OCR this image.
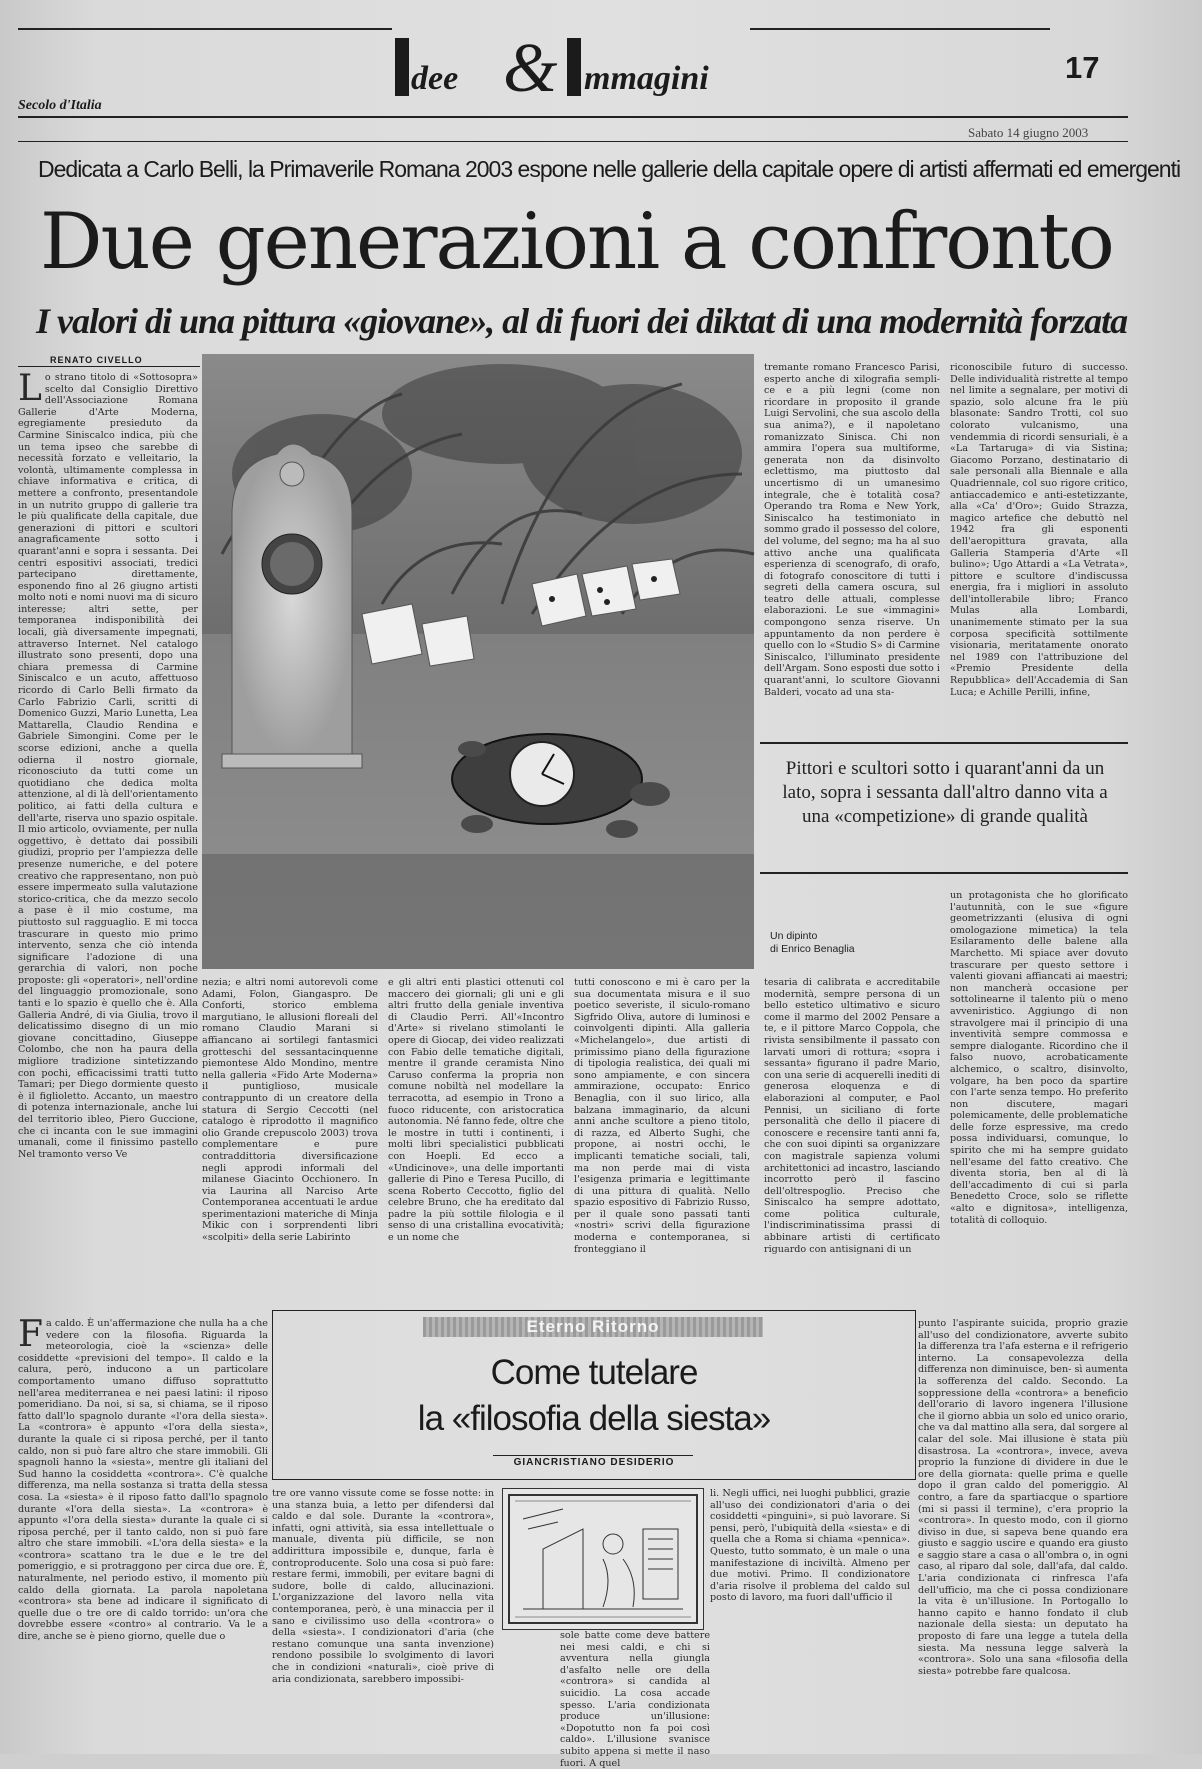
dee & mmagini	17
Secolo d'Italia
Sabato 14 giugno 2003
Dedicata a Carlo Belli, la Primaverile Romana 2003 espone nelle gallerie della capitale opere di artisti affermati ed emergenti
Due generazioni a confronto
I valori di una pittura «giovane», al di fuori dei diktat di una modernità forzata
RENATO CIVELLO

Lo strano titolo di «Sottosopra» scelto dal Consiglio Direttivo dell'Associazione Romana Gallerie d'Arte Moderna, egregiamente presieduto da Carmine Siniscalco indica, più che un tema ipseo che sarebbe di necessità forzato e velleitario, la volontà, ultimamente complessa in chiave informativa e critica, di mettere a confronto, presentandole in un nutrito gruppo di gallerie tra le più qualificate della capitale, due generazioni di pittori e scultori anagraficamente sotto i quarant'anni e sopra i sessanta. Dei centri espositivi associati, tredici partecipano direttamente, esponendo fino al 26 giugno artisti molto noti e nomi nuovi ma di sicuro interesse; altri sette, per temporanea indisponibilità dei locali, già diversamente impegnati, attraverso Internet. Nel catalogo illustrato sono presenti, dopo una chiara premessa di Carmine Siniscalco e un acuto, affettuoso ricordo di Carlo Belli firmato da Carlo Fabrizio Carli, scritti di Domenico Guzzi, Mario Lunetta, Lea Mattarella, Claudio Rendina e Gabriele Simongini. Come per le scorse edizioni, anche a quella odierna il nostro giornale, riconosciuto da tutti come un quotidiano che dedica molta attenzione, al di là dell'orientamento politico, ai fatti della cultura e dell'arte, riserva uno spazio ospitale. Il mio articolo, ovviamente, per nulla oggettivo, è dettato dai possibili giudizi, proprio per l'ampiezza delle presenze numeriche, e del potere creativo che rappresentano, non può essere impermeato sulla valutazione storico-critica, che da mezzo secolo a pase è il mio costume, ma piuttosto sul ragguaglio. E mi tocca trascurare in questo mio primo intervento, senza che ciò intenda significare l'adozione di una gerarchia di valori, non poche proposte: gli «operatori», nell'ordine del linguaggio promozionale, sono tanti e lo spazio è quello che è. Alla Galleria André, di via Giulia, trovo il delicatissimo disegno di un mio giovane concittadino, Giuseppe Colombo, che non ha paura della migliore tradizione sintetizzando con pochi, efficacissimi tratti tutto Tamari; per Diego dormiente questo è il figlioletto. Accanto, un maestro di potenza internazionale, anche lui del territorio ibleo, Piero Guccione, che ci incanta con le sue immagini umanali, come il finissimo pastello Nel tramonto verso Ve

nezia; e altri nomi autorevoli come Adami, Folon, Giangaspro. De Conforti, storico emblema margutiano, le allusioni floreali del romano Claudio Marani si affiancano ai sortilegi fantasmici grotteschi del sessantacinquenne piemontese Aldo Mondino, mentre nella galleria «Fido Arte Moderna» il puntiglioso, musicale contrappunto di un creatore della statura di Sergio Ceccotti (nel catalogo è riprodotto il magnifico olio Grande crepuscolo 2003) trova complementare e pure contraddittoria diversificazione negli approdi informali del milanese Giacinto Occhionero. In via Laurina all Narciso Arte Contemporanea accentuati le ardue sperimentazioni materiche di Minja Mikic con i sorprendenti libri «scolpiti» della serie Labirinto

e gli altri enti plastici ottenuti col maccero dei giornali; gli uni e gli altri frutto della geniale inventiva di Claudio Perri. All'«Incontro d'Arte» si rivelano stimolanti le opere di Giocap, dei video realizzati con Fabio delle tematiche digitali, mentre il grande ceramista Nino Caruso conferma la propria non comune nobiltà nel modellare la terracotta, ad esempio in Trono a fuoco riducente, con aristocratica autonomia. Né fanno fede, oltre che le mostre in tutti i continenti, i molti libri specialistici pubblicati con Hoepli. Ed ecco a «Undicinove», una delle importanti gallerie di Pino e Teresa Pucillo, di scena Roberto Ceccotto, figlio del celebre Bruno, che ha ereditato dal padre la più sottile filologia e il senso di una cristallina evocatività; e un nome che

tutti conoscono e mi è caro per la sua documentata misura e il suo poetico severiste, il siculo-romano Sigfrido Oliva, autore di luminosi e coinvolgenti dipinti. Alla galleria «Michelangelo», due artisti di primissimo piano della figurazione di tipologia realistica, dei quali mi sono ampiamente, e con sincera ammirazione, occupato: Enrico Benaglia, con il suo lirico, alla balzana immaginario, da alcuni anni anche scultore a pieno titolo, di razza, ed Alberto Sughi, che propone, ai nostri occhi, le implicanti tematiche sociali, tali, ma non perde mai di vista l'esigenza primaria e legittimante di una pittura di qualità. Nello spazio espositivo di Fabrizio Russo, per il quale sono passati tanti «nostri» scrivi della figurazione moderna e contemporanea, si fronteggiano il

tremante romano Francesco Parisi, esperto anche di xilografia sempli‑ ce e a più legni (come non ricordare in proposito il grande Luigi Servolini, che sua ascolo della sua anima?), e il napoletano romanizzato Sinisca. Chi non ammira l'opera sua multiforme, generata non da disinvolto eclettismo, ma piuttosto dal uncertismo di un umanesimo integrale, che è totalità cosa? Operando tra Roma e New York, Siniscalco ha testimoniato in sommo grado il possesso del colore, del volume, del segno; ma ha al suo attivo anche una qualificata esperienza di scenografo, di orafo, di fotografo conoscitore di tutti i segreti della camera oscura, sul teatro delle attuali, complesse elaborazioni. Le sue «immagini» compongono senza riserve. Un appuntamento da non perdere è quello con lo «Studio S» di Carmine Siniscalco, l'illuminato presidente dell'Argam. Sono esposti due sotto i quarant'anni, lo scultore Giovanni Balderi, vocato ad una sta-

riconoscibile futuro di successo. Delle individualità ristrette al tempo nel limite a segnalare, per motivi di spazio, solo alcune fra le più blasonate: Sandro Trotti, col suo colorato vulcanismo, una vendemmia di ricordi sensuriali, è a «La Tartaruga» di via Sistina; Giacomo Porzano, destinatario di sale personali alla Biennale e alla Quadriennale, col suo rigore critico, antiaccademico e anti-estetizzante, alla «Ca' d'Oro»; Guido Strazza, magico artefice che debuttò nel 1942 fra gli esponenti dell'aeropittura gravata, alla Galleria Stamperia d'Arte «Il bulino»; Ugo Attardi a «La Vetrata», pittore e scultore d'indiscussa energia, fra i migliori in assoluto dell'intollerabile libro; Franco Mulas alla Lombardi, unanimemente stimato per la sua corposa specificità sottilmente visionaria, meritatamente onorato nel 1989 con l'attribuzione del «Premio Presidente della Repubblica» dell'Accademia di San Luca; e Achille Perilli, infine,

Pittori e scultori sotto i quarant'anni da un lato, sopra i sessanta dall'altro danno vita a una «competizione» di grande qualità
Un dipinto
di Enrico Benaglia

tesaria di calibrata e accreditabile modernità, sempre persona di un bello estetico ultimativo e sicuro come il marmo del 2002 Pensare a te, e il pittore Marco Coppola, che rivista sensibilmente il passato con larvati umori di rottura; «sopra i sessanta» figurano il padre Mario, con una serie di acquerelli inediti di generosa eloquenza e di elaborazioni al computer, e Paol Pennisi, un siciliano di forte personalità che dello il piacere di conoscere e recensire tanti anni fa, che con suoi dipinti sa organizzare con magistrale sapienza volumi architettonici ad incastro, lasciando incorrotto però il fascino dell'oltrespoglio. Preciso che Siniscalco ha sempre adottato, come politica culturale, l'indiscriminatissima prassi di abbinare artisti di certificato riguardo con antisignani di un

un protagonista che ho glorificato l'autunnità, con le sue «figure geometrizzanti (elusiva di ogni omologazione mimetica) la tela Esilaramento delle balene alla Marchetto. Mi spiace aver dovuto trascurare per questo settore i valenti giovani affiancati ai maestri; non mancherà occasione per sottolinearne il talento più o meno avveniristico. Aggiungo di non stravolgere mai il principio di una inventività sempre commossa e sempre dialogante. Ricordino che il falso nuovo, acrobaticamente alchemico, o scaltro, disinvolto, volgare, ha ben poco da spartire con l'arte senza tempo. Ho preferito non discutere, magari polemicamente, delle problematiche delle forze espressive, ma credo possa individuarsi, comunque, lo spirito che mi ha sempre guidato nell'esame del fatto creativo. Che diventa storia, ben al di là dell'accadimento di cui si parla Benedetto Croce, solo se riflette «alto e dignitosa», intelligenza, totalità di colloquio.

Eterno Ritorno
Come tutelare
la «filosofia della siesta»
GIANCRISTIANO DESIDERIO

Fa caldo. È un'affermazione che nulla ha a che vedere con la filosofia. Riguarda la meteorologia, cioè la «scienza» delle cosiddette «previsioni del tempo». Il caldo e la calura, però, inducono a un particolare comportamento umano diffuso soprattutto nell'area mediterranea e nei paesi latini: il riposo pomeridiano. Da noi, si sa, si chiama, se il riposo fatto dall'lo spagnolo durante «l'ora della siesta». La «controra» è appunto «l'ora della siesta», durante la quale ci si riposa perché, per il tanto caldo, non si può fare altro che stare immobili. Gli spagnoli hanno la «siesta», mentre gli italiani del Sud hanno la cosiddetta «controra». C'è qualche differenza, ma nella sostanza si tratta della stessa cosa. La «siesta» è il riposo fatto dall'lo spagnolo durante «l'ora della siesta». La «controra» è appunto «l'ora della siesta» durante la quale ci si riposa perché, per il tanto caldo, non si può fare altro che stare immobili. «L'ora della siesta» e la «controra» scattano tra le due e le tre del pomeriggio, e si protraggono per circa due ore. È, naturalmente, nel periodo estivo, il momento più caldo della giornata. La parola napoletana «controra» sta bene ad indicare il significato di quelle due o tre ore di caldo torrido: un'ora che dovrebbe essere «contro» al contrario. Va le a dire, anche se è pieno giorno, quelle due o

tre ore vanno vissute come se fosse notte: in una stanza buia, a letto per difendersi dal caldo e dal sole. Durante la «controra», infatti, ogni attività, sia essa intellettuale o manuale, diventa più difficile, se non addirittura impossibile e, dunque, farla è controproducente. Solo una cosa si può fare: restare fermi, immobili, per evitare bagni di sudore, bolle di caldo, allucinazioni. L'organizzazione del lavoro nella vita contemporanea, però, è una minaccia per il sano e civilissimo uso della «controra» o della «siesta». I condizionatori d'aria (che restano comunque una santa invenzione) rendono possibile lo svolgimento di lavori che in condizioni «naturali», cioè prive di aria condizionata, sarebbero impossibi-

li. Negli uffici, nei luoghi pubblici, grazie all'uso dei condizionatori d'aria o dei cosiddetti «pinguini», si può lavorare. Si pensi, però, l'ubiquità della «siesta» e di quella che a Roma si chiama «pennica». Questo, tutto sommato, è un male o una manifestazione di inciviltà. Almeno per due motivi. Primo. Il condizionatore d'aria risolve il problema del caldo sul posto di lavoro, ma fuori dall'ufficio il

sole batte come deve battere nei mesi caldi, e chi si avventura nella giungla d'asfalto nelle ore della «controra» si candida al suicidio. La cosa accade spesso. L'aria condizionata produce un'illusione: «Dopotutto non fa poi così caldo». L'illusione svanisce subito appena si mette il naso fuori. A quel

punto l'aspirante suicida, proprio grazie all'uso del condizionatore, avverte subito la differenza tra l'afa esterna e il refrigerio interno. La consapevolezza della differenza non diminuisce, ben‑ sì aumenta la sofferenza del caldo. Secondo. La soppressione della «controra» a beneficio dell'orario di lavoro ingenera l'illusione che il giorno abbia un solo ed unico orario, che va dal mattino alla sera, dal sorgere al calar del sole. Mai illusione è stata più disastrosa. La «controra», invece, aveva proprio la funzione di dividere in due le ore della giornata: quelle prima e quelle dopo il gran caldo del pomeriggio. Al contro, a fare da spartiacque o spartiore (mi si passi il termine), c'era proprio la «controra». In questo modo, con il giorno diviso in due, si sapeva bene quando era giusto e saggio uscire e quando era giusto e saggio stare a casa o all'ombra o, in ogni caso, al riparo dal sole, dall'afa, dal caldo. L'aria condizionata ci rinfresca l'afa dell'ufficio, ma che ci possa condizionare la vita è un'illusione. In Portogallo lo hanno capito e hanno fondato il club nazionale della siesta: un deputato ha proposto di fare una legge a tutela della siesta. Ma nessuna legge salverà la «controra». Solo una sana «filosofia della siesta» potrebbe fare qualcosa.
